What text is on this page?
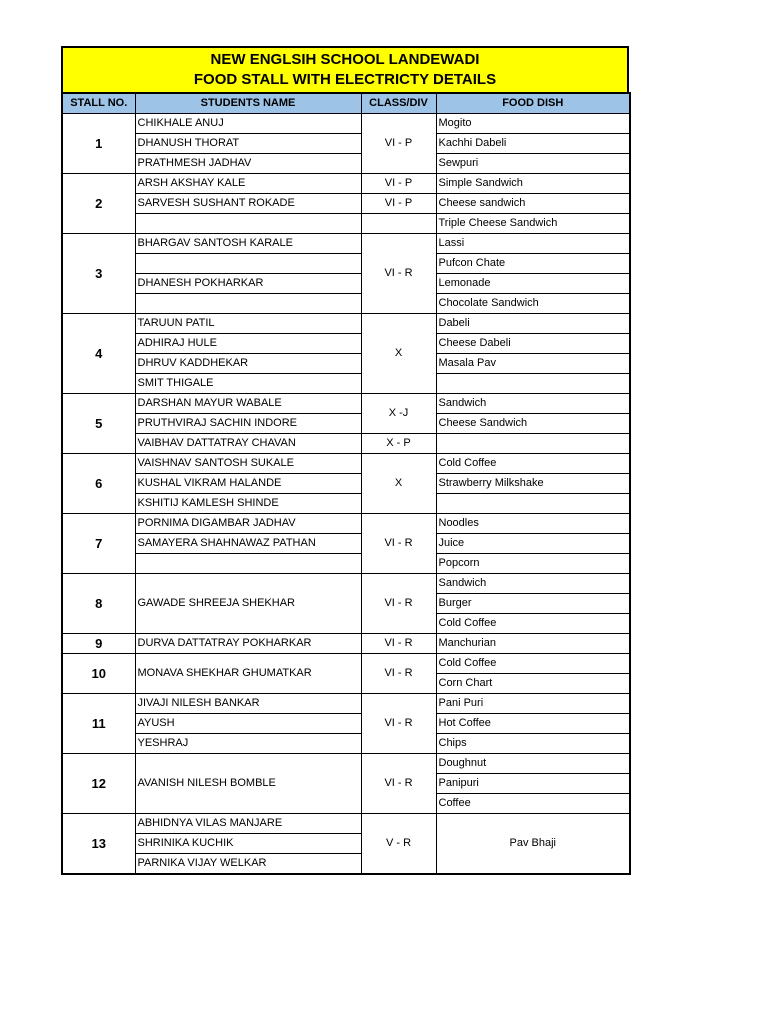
NEW ENGLSIH SCHOOL LANDEWADI
FOOD STALL WITH ELECTRICTY DETAILS
STALL NO.	STUDENTS NAME	CLASS/DIV	FOOD DISH
1	CHIKHALE ANUJ	VI - P	Mogito
	DHANUSH THORAT		Kachhi Dabeli
	PRATHMESH JADHAV		Sewpuri
2	ARSH AKSHAY KALE	VI - P	Simple Sandwich
	SARVESH SUSHANT ROKADE	VI - P	Cheese sandwich
			Triple Cheese Sandwich
3	BHARGAV SANTOSH KARALE	VI - R	Lassi
			Pufcon Chate
	DHANESH POKHARKAR		Lemonade
			Chocolate Sandwich
4	TARUUN PATIL	X	Dabeli
	ADHIRAJ HULE		Cheese Dabeli
	DHRUV KADDHEKAR		Masala Pav
	SMIT THIGALE		
5	DARSHAN MAYUR WABALE	X -J	Sandwich
	PRUTHVIRAJ SACHIN INDORE		Cheese Sandwich
	VAIBHAV DATTATRAY CHAVAN	X - P	
6	VAISHNAV SANTOSH SUKALE	X	Cold Coffee
	KUSHAL VIKRAM HALANDE		Strawberry Milkshake
	KSHITIJ KAMLESH SHINDE		
7	PORNIMA DIGAMBAR JADHAV	VI - R	Noodles
	SAMAYERA SHAHNAWAZ PATHAN		Juice
			Popcorn
8	GAWADE SHREEJA SHEKHAR	VI - R	Sandwich
			Burger
			Cold Coffee
9	DURVA DATTATRAY POKHARKAR	VI - R	Manchurian
10	MONAVA SHEKHAR GHUMATKAR	VI - R	Cold Coffee
			Corn Chart
11	JIVAJI NILESH BANKAR	VI - R	Pani Puri
	AYUSH		Hot Coffee
	YESHRAJ		Chips
12	AVANISH NILESH BOMBLE	VI - R	Doughnut
			Panipuri
			Coffee
13	ABHIDNYA VILAS MANJARE	V - R	Pav Bhaji
	SHRINIKA KUCHIK		
	PARNIKA VIJAY WELKAR		
